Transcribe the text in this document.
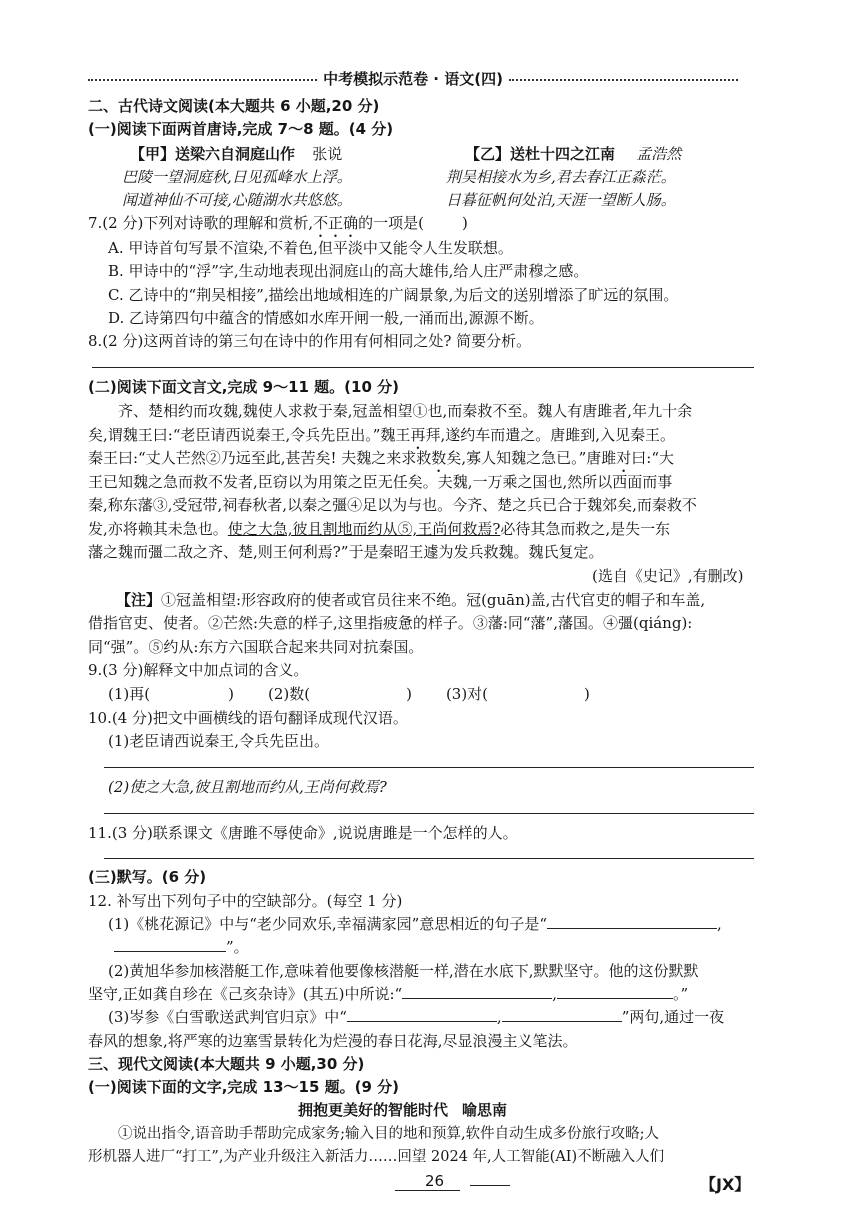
中考模拟示范卷 · 语文(四)
二、古代诗文阅读(本大题共 6 小题,20 分)
(一)阅读下面两首唐诗,完成 7～8 题。(4 分)
【甲】送梁六自洞庭山作 张说	【乙】送杜十四之江南 孟浩然
巴陵一望洞庭秋,日见孤峰水上浮。
闻道神仙不可接,心随湖水共悠悠。
荆吴相接水为乡,君去春江正淼茫。
日暮征帆何处泊,天涯一望断人肠。
7.(2 分)下列对诗歌的理解和赏析,不正确的一项是(	)
A. 甲诗首句写景不渲染,不着色,但平淡中又能令人生发联想。
B. 甲诗中的“浮”字,生动地表现出洞庭山的高大雄伟,给人庄严肃穆之感。
C. 乙诗中的“荆吴相接”,描绘出地域相连的广阔景象,为后文的送别增添了旷远的氛围。
D. 乙诗第四句中蕴含的情感如水库开闸一般,一涌而出,源源不断。
8.(2 分)这两首诗的第三句在诗中的作用有何相同之处? 简要分析。
(二)阅读下面文言文,完成 9～11 题。(10 分)
齐、楚相约而攻魏,魏使人求救于秦,冠盖相望①也,而秦救不至。魏人有唐雎者,年九十余
矣,谓魏王曰:“老臣请西说秦王,令兵先臣出。”魏王再拜,遂约车而遣之。唐雎到,入见秦王。
秦王曰:“丈人芒然②乃远至此,甚苦矣! 夫魏之来求救数矣,寡人知魏之急已。”唐雎对曰:“大
王已知魏之急而救不发者,臣窃以为用策之臣无任矣。夫魏,一万乘之国也,然所以西面而事
秦,称东藩③,受冠带,祠春秋者,以秦之彊④足以为与也。今齐、楚之兵已合于魏郊矣,而秦救不
发,亦将赖其未急也。使之大急,彼且割地而约从⑤,王尚何救焉?必待其急而救之,是失一东
藩之魏而彊二敌之齐、楚,则王何利焉?”于是秦昭王遽为发兵救魏。魏氏复定。
(选自《史记》,有删改)
【注】①冠盖相望:形容政府的使者或官员往来不绝。冠(guān)盖,古代官吏的帽子和车盖,
借指官吏、使者。②芒然:失意的样子,这里指疲惫的样子。③藩:同“藩”,藩国。④彊(qiáng):
同“强”。⑤约从:东方六国联合起来共同对抗秦国。
9.(3 分)解释文中加点词的含义。
(1)再(	) (2)数(	) (3)对(	)
10.(4 分)把文中画横线的语句翻译成现代汉语。
(1)老臣请西说秦王,令兵先臣出。
(2)使之大急,彼且割地而约从,王尚何救焉?
11.(3 分)联系课文《唐雎不辱使命》,说说唐雎是一个怎样的人。
(三)默写。(6 分)
12. 补写出下列句子中的空缺部分。(每空 1 分)
(1)《桃花源记》中与“老少同欢乐,幸福满家园”意思相近的句子是“	,
”。
(2)黄旭华参加核潜艇工作,意味着他要像核潜艇一样,潜在水底下,默默坚守。他的这份默默
坚守,正如龚自珍在《己亥杂诗》(其五)中所说:“	,	。”
(3)岑参《白雪歌送武判官归京》中“	,	”两句,通过一夜
春风的想象,将严寒的边塞雪景转化为烂漫的春日花海,尽显浪漫主义笔法。
三、现代文阅读(本大题共 9 小题,30 分)
(一)阅读下面的文字,完成 13～15 题。(9 分)
拥抱更美好的智能时代 喻思南
①说出指令,语音助手帮助完成家务;输入目的地和预算,软件自动生成多份旅行攻略;人
形机器人进厂“打工”,为产业升级注入新活力……回望 2024 年,人工智能(AI)不断融入人们
26	【JX】
